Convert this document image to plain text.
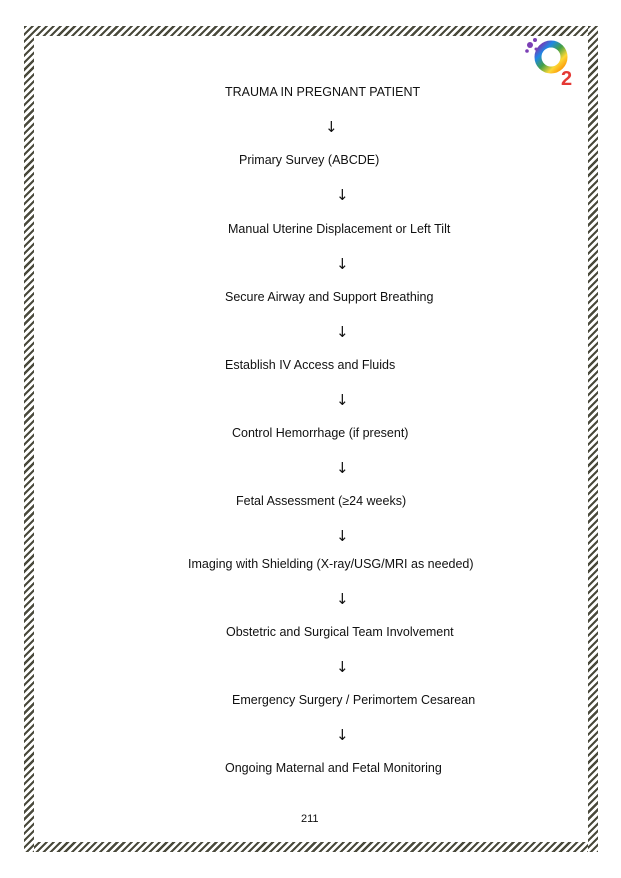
2
TRAUMA IN PREGNANT PATIENT
↓
Primary Survey (ABCDE)
↓
Manual Uterine Displacement or Left Tilt
↓
Secure Airway and Support Breathing
↓
Establish IV Access and Fluids
↓
Control Hemorrhage (if present)
↓
Fetal Assessment (≥24 weeks)
↓
Imaging with Shielding (X-ray/USG/MRI as needed)
↓
Obstetric and Surgical Team Involvement
↓
Emergency Surgery / Perimortem Cesarean
↓
Ongoing Maternal and Fetal Monitoring
211
